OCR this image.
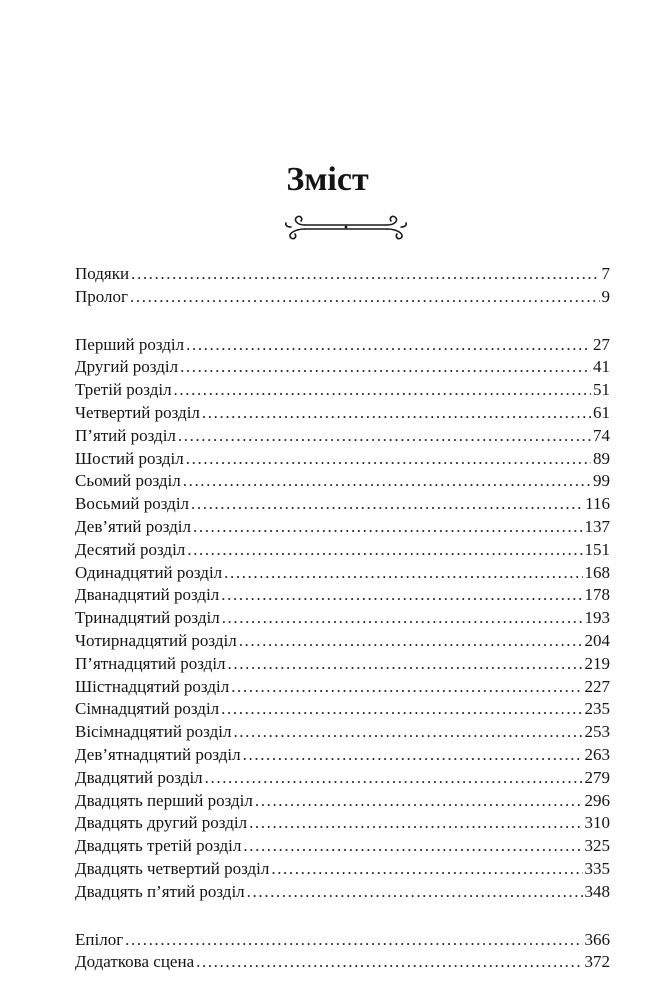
Зміст
Подяки .....	7
Пролог .....	9
Перший розділ .....	27
Другий розділ .....	41
Третій розділ .....	51
Четвертий розділ .....	61
П’ятий розділ .....	74
Шостий розділ .....	89
Сьомий розділ .....	99
Восьмий розділ .....	116
Дев’ятий розділ .....	137
Десятий розділ .....	151
Одинадцятий розділ .....	168
Дванадцятий розділ .....	178
Тринадцятий розділ .....	193
Чотирнадцятий розділ .....	204
П’ятнадцятий розділ .....	219
Шістнадцятий розділ .....	227
Сімнадцятий розділ .....	235
Вісімнадцятий розділ .....	253
Дев’ятнадцятий розділ .....	263
Двадцятий розділ .....	279
Двадцять перший розділ .....	296
Двадцять другий розділ .....	310
Двадцять третій розділ .....	325
Двадцять четвертий розділ .....	335
Двадцять п’ятий розділ .....	348
Епілог .....	366
Додаткова сцена .....	372
